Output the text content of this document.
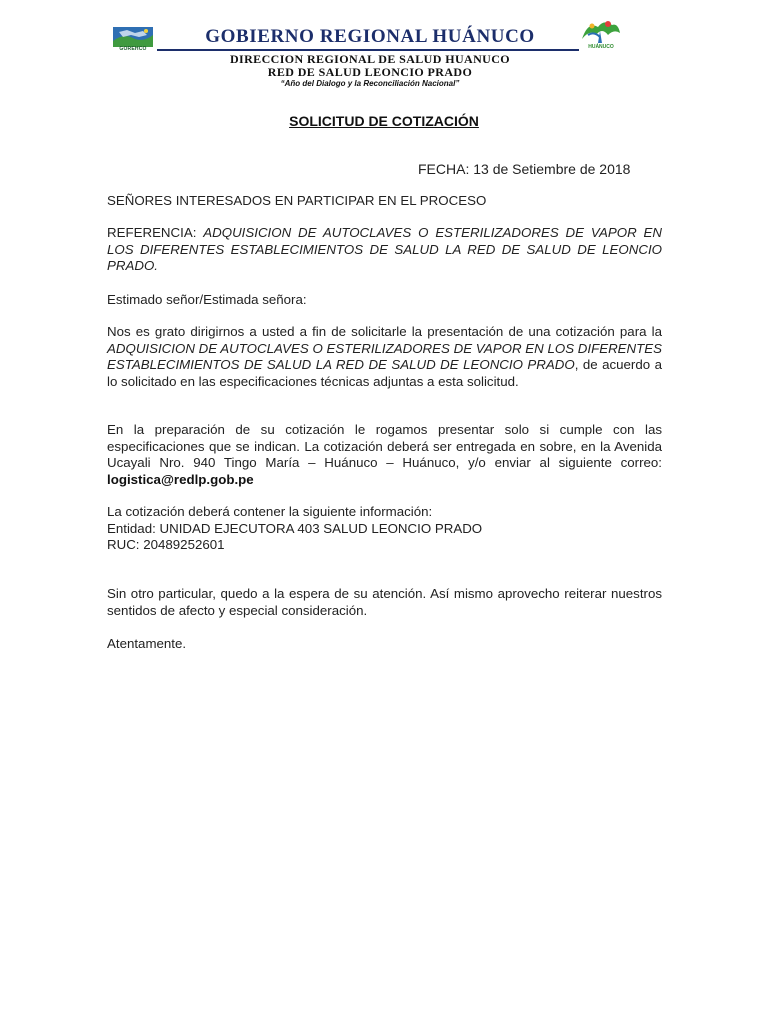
GOREHCO
GOBIERNO REGIONAL HUÁNUCO
DIRECCION REGIONAL DE SALUD HUANUCO
RED DE SALUD LEONCIO PRADO
“Año del Dialogo y la Reconciliación Nacional”
HUÁNUCO
SOLICITUD DE COTIZACIÓN
FECHA: 13 de Setiembre de 2018
SEÑORES INTERESADOS EN PARTICIPAR EN EL PROCESO
REFERENCIA: ADQUISICION DE AUTOCLAVES O ESTERILIZADORES DE VAPOR EN LOS DIFERENTES ESTABLECIMIENTOS DE SALUD LA RED DE SALUD DE LEONCIO PRADO.
Estimado señor/Estimada señora:
Nos es grato dirigirnos a usted a fin de solicitarle la presentación de una cotización para la ADQUISICION DE AUTOCLAVES O ESTERILIZADORES DE VAPOR EN LOS DIFERENTES ESTABLECIMIENTOS DE SALUD LA RED DE SALUD DE LEONCIO PRADO, de acuerdo a lo solicitado en las especificaciones técnicas adjuntas a esta solicitud.
En la preparación de su cotización le rogamos presentar solo si cumple con las especificaciones que se indican. La cotización deberá ser entregada en sobre, en la Avenida Ucayali Nro. 940 Tingo María – Huánuco – Huánuco, y/o enviar al siguiente correo: logistica@redlp.gob.pe
La cotización deberá contener la siguiente información:
Entidad: UNIDAD EJECUTORA 403 SALUD LEONCIO PRADO
RUC: 20489252601
Sin otro particular, quedo a la espera de su atención. Así mismo aprovecho reiterar nuestros sentidos de afecto y especial consideración.
Atentamente.
